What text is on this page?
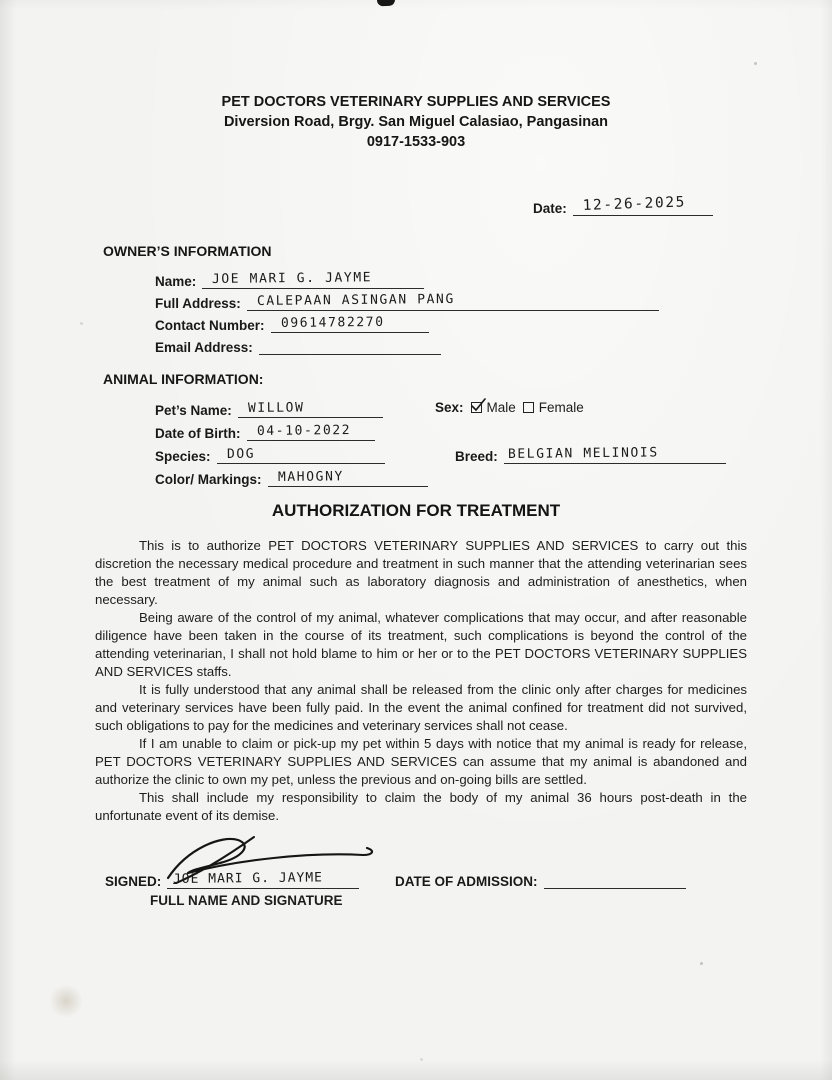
PET DOCTORS VETERINARY SUPPLIES AND SERVICES
Diversion Road, Brgy. San Miguel Calasiao, Pangasinan
0917-1533-903
Date: 12-26-2025
OWNER’S INFORMATION
Name: JOE MARI G. JAYME
Full Address: CALEPAAN ASINGAN PANG
Contact Number: 09614782270
Email Address:
ANIMAL INFORMATION:
Pet’s Name: WILLOW	Sex: Male Female
Date of Birth: 04-10-2022
Species: DOG	Breed: BELGIAN MELINOIS
Color/ Markings: MAHOGNY
AUTHORIZATION FOR TREATMENT

This is to authorize PET DOCTORS VETERINARY SUPPLIES AND SERVICES to carry out this discretion the necessary medical procedure and treatment in such manner that the attending veterinarian sees the best treatment of my animal such as laboratory diagnosis and administration of anesthetics, when necessary.

Being aware of the control of my animal, whatever complications that may occur, and after reasonable diligence have been taken in the course of its treatment, such complications is beyond the control of the attending veterinarian, I shall not hold blame to him or her or to the PET DOCTORS VETERINARY SUPPLIES AND SERVICES staffs.

It is fully understood that any animal shall be released from the clinic only after charges for medicines and veterinary services have been fully paid. In the event the animal confined for treatment did not survived, such obligations to pay for the medicines and veterinary services shall not cease.

If I am unable to claim or pick-up my pet within 5 days with notice that my animal is ready for release, PET DOCTORS VETERINARY SUPPLIES AND SERVICES can assume that my animal is abandoned and authorize the clinic to own my pet, unless the previous and on-going bills are settled.

This shall include my responsibility to claim the body of my animal 36 hours post-death in the unfortunate event of its demise.

SIGNED: JOE MARI G. JAYME
FULL NAME AND SIGNATURE
DATE OF ADMISSION:
